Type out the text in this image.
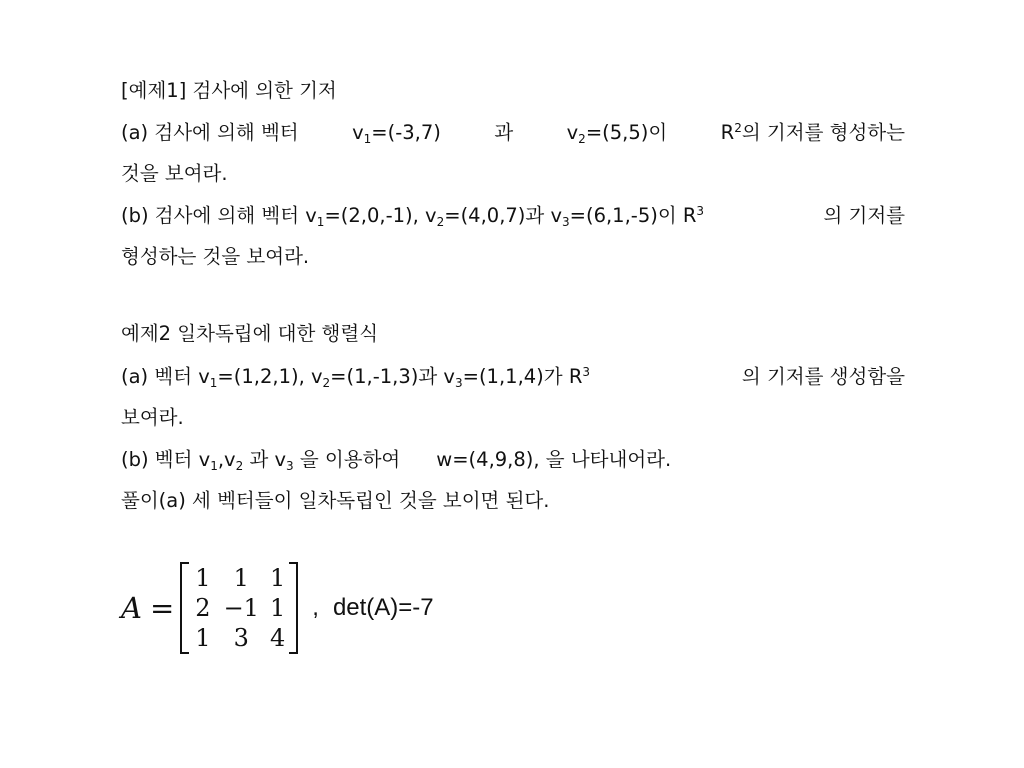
[예제1] 검사에 의한 기저
(a) 검사에 의해 벡터	$v_1=(-3,7)$	과	$v_2=(5,5)$이	$R^2$의 기저를 형성하는
것을 보여라.
(b) 검사에 의해 벡터 $v_1=(2,0,-1)$, $v_2=(4,0,7)$과 $v_3=(6,1,-5)$이 $R^3$	의 기저를
형성하는 것을 보여라.
예제2 일차독립에 대한 행렬식
(a) 벡터 $v_1=(1,2,1)$, $v_2=(1,-1,3)$과 $v_3=(1,1,4)$가 $R^3$	의 기저를 생성함을
보여라.
(b) 벡터 $v_1,v_2$ 과 $v_3$ 을 이용하여 w=(4,9,8), 을 나타내어라.
풀이(a) 세 벡터들이 일차독립인 것을 보이면 된다.
A =
1 1 1
2 −1 1
1 3 4
, det(A)=-7
